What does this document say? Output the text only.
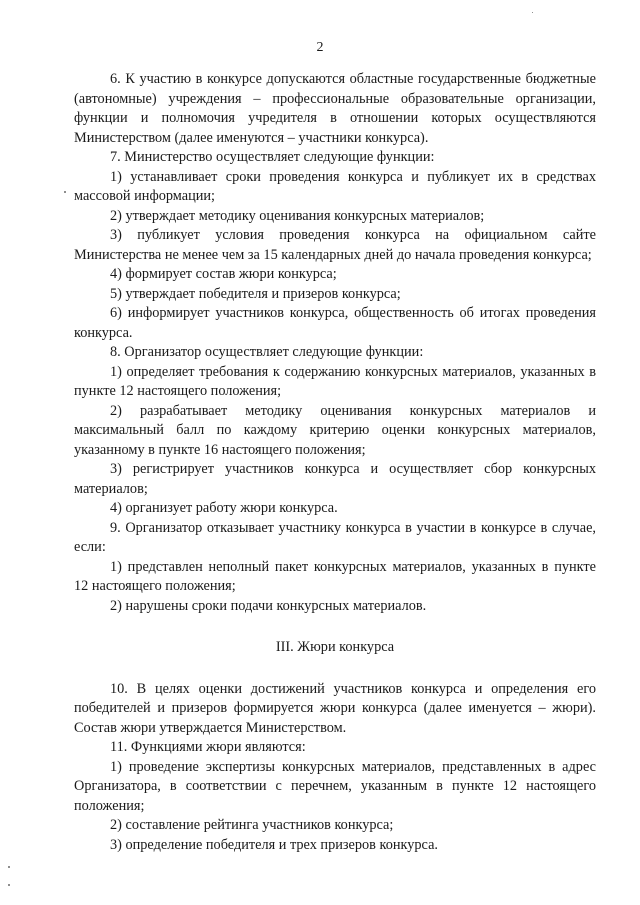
2

6. К участию в конкурсе допускаются областные государственные бюджетные (автономные) учреждения – профессиональные образовательные организации, функции и полномочия учредителя в отношении которых осуществляются Министерством (далее именуются – участники конкурса).

7. Министерство осуществляет следующие функции:

1) устанавливает сроки проведения конкурса и публикует их в средствах массовой информации;

2) утверждает методику оценивания конкурсных материалов;

3) публикует условия проведения конкурса на официальном сайте Министерства не менее чем за 15 календарных дней до начала проведения конкурса;

4) формирует состав жюри конкурса;

5) утверждает победителя и призеров конкурса;

6) информирует участников конкурса, общественность об итогах проведения конкурса.

8. Организатор осуществляет следующие функции:

1) определяет требования к содержанию конкурсных материалов, указанных в пункте 12 настоящего положения;

2) разрабатывает методику оценивания конкурсных материалов и максимальный балл по каждому критерию оценки конкурсных материалов, указанному в пункте 16 настоящего положения;

3) регистрирует участников конкурса и осуществляет сбор конкурсных материалов;

4) организует работу жюри конкурса.

9. Организатор отказывает участнику конкурса в участии в конкурсе в случае, если:

1) представлен неполный пакет конкурсных материалов, указанных в пункте 12 настоящего положения;

2) нарушены сроки подачи конкурсных материалов.

III. Жюри конкурса

10. В целях оценки достижений участников конкурса и определения его победителей и призеров формируется жюри конкурса (далее именуется – жюри). Состав жюри утверждается Министерством.

11. Функциями жюри являются:

1) проведение экспертизы конкурсных материалов, представленных в адрес Организатора, в соответствии с перечнем, указанным в пункте 12 настоящего положения;

2) составление рейтинга участников конкурса;

3) определение победителя и трех призеров конкурса.
